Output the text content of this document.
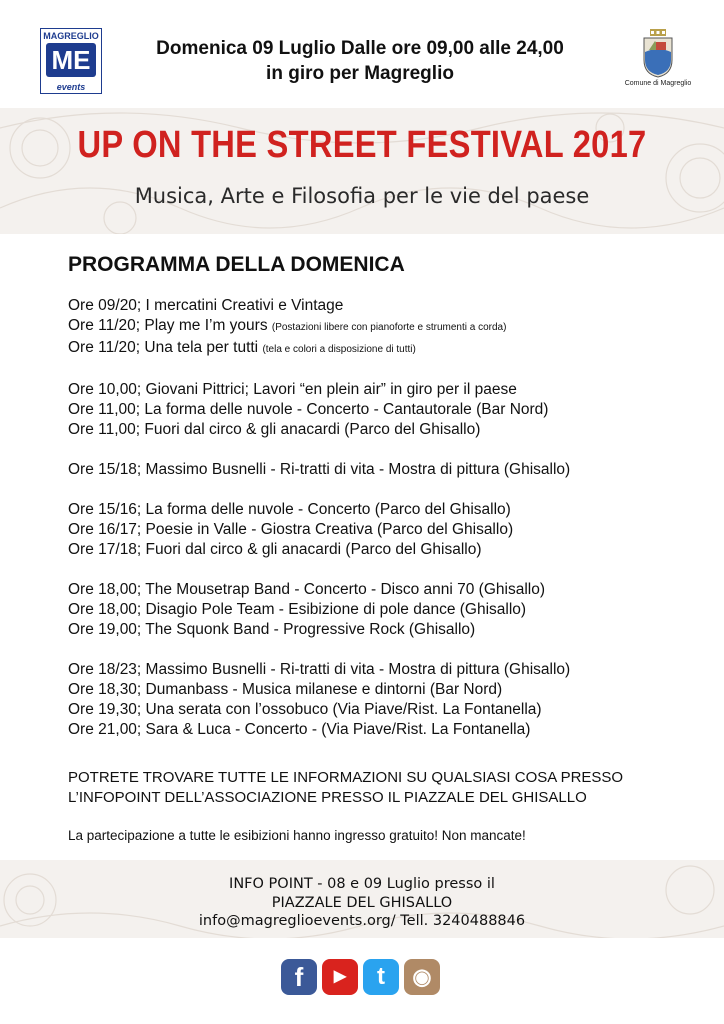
MAGREGLIO
ME
events
Domenica 09 Luglio Dalle ore 09,00 alle 24,00
in giro per Magreglio	Comune di Magreglio
UP ON THE STREET FESTIVAL 2017
Musica, Arte e Filosofia per le vie del paese
PROGRAMMA DELLA DOMENICA
Ore 09/20; I mercatini Creativi e Vintage
Ore 11/20; Play me I’m yours (Postazioni libere con pianoforte e strumenti a corda)
Ore 11/20; Una tela per tutti (tela e colori a disposizione di tutti)
Ore 10,00; Giovani Pittrici; Lavori “en plein air” in giro per il paese
Ore 11,00; La forma delle nuvole - Concerto - Cantautorale (Bar Nord)
Ore 11,00; Fuori dal circo & gli anacardi (Parco del Ghisallo)
Ore 15/18; Massimo Busnelli - Ri-tratti di vita - Mostra di pittura (Ghisallo)
Ore 15/16; La forma delle nuvole - Concerto (Parco del Ghisallo)
Ore 16/17; Poesie in Valle - Giostra Creativa (Parco del Ghisallo)
Ore 17/18; Fuori dal circo & gli anacardi (Parco del Ghisallo)
Ore 18,00; The Mousetrap Band - Concerto - Disco anni 70 (Ghisallo)
Ore 18,00; Disagio Pole Team - Esibizione di pole dance (Ghisallo)
Ore 19,00; The Squonk Band - Progressive Rock (Ghisallo)
Ore 18/23; Massimo Busnelli - Ri-tratti di vita - Mostra di pittura (Ghisallo)
Ore 18,30; Dumanbass - Musica milanese e dintorni (Bar Nord)
Ore 19,30; Una serata con l’ossobuco (Via Piave/Rist. La Fontanella)
Ore 21,00; Sara & Luca - Concerto - (Via Piave/Rist. La Fontanella)
POTRETE TROVARE TUTTE LE INFORMAZIONI SU QUALSIASI COSA PRESSO
L’INFOPOINT DELL’ASSOCIAZIONE PRESSO IL PIAZZALE DEL GHISALLO
La partecipazione a tutte le esibizioni hanno ingresso gratuito! Non mancate!
INFO POINT - 08 e 09 Luglio presso il
PIAZZALE DEL GHISALLO
info@magreglioevents.org/ Tell. 3240488846
f	▶	t	◉
